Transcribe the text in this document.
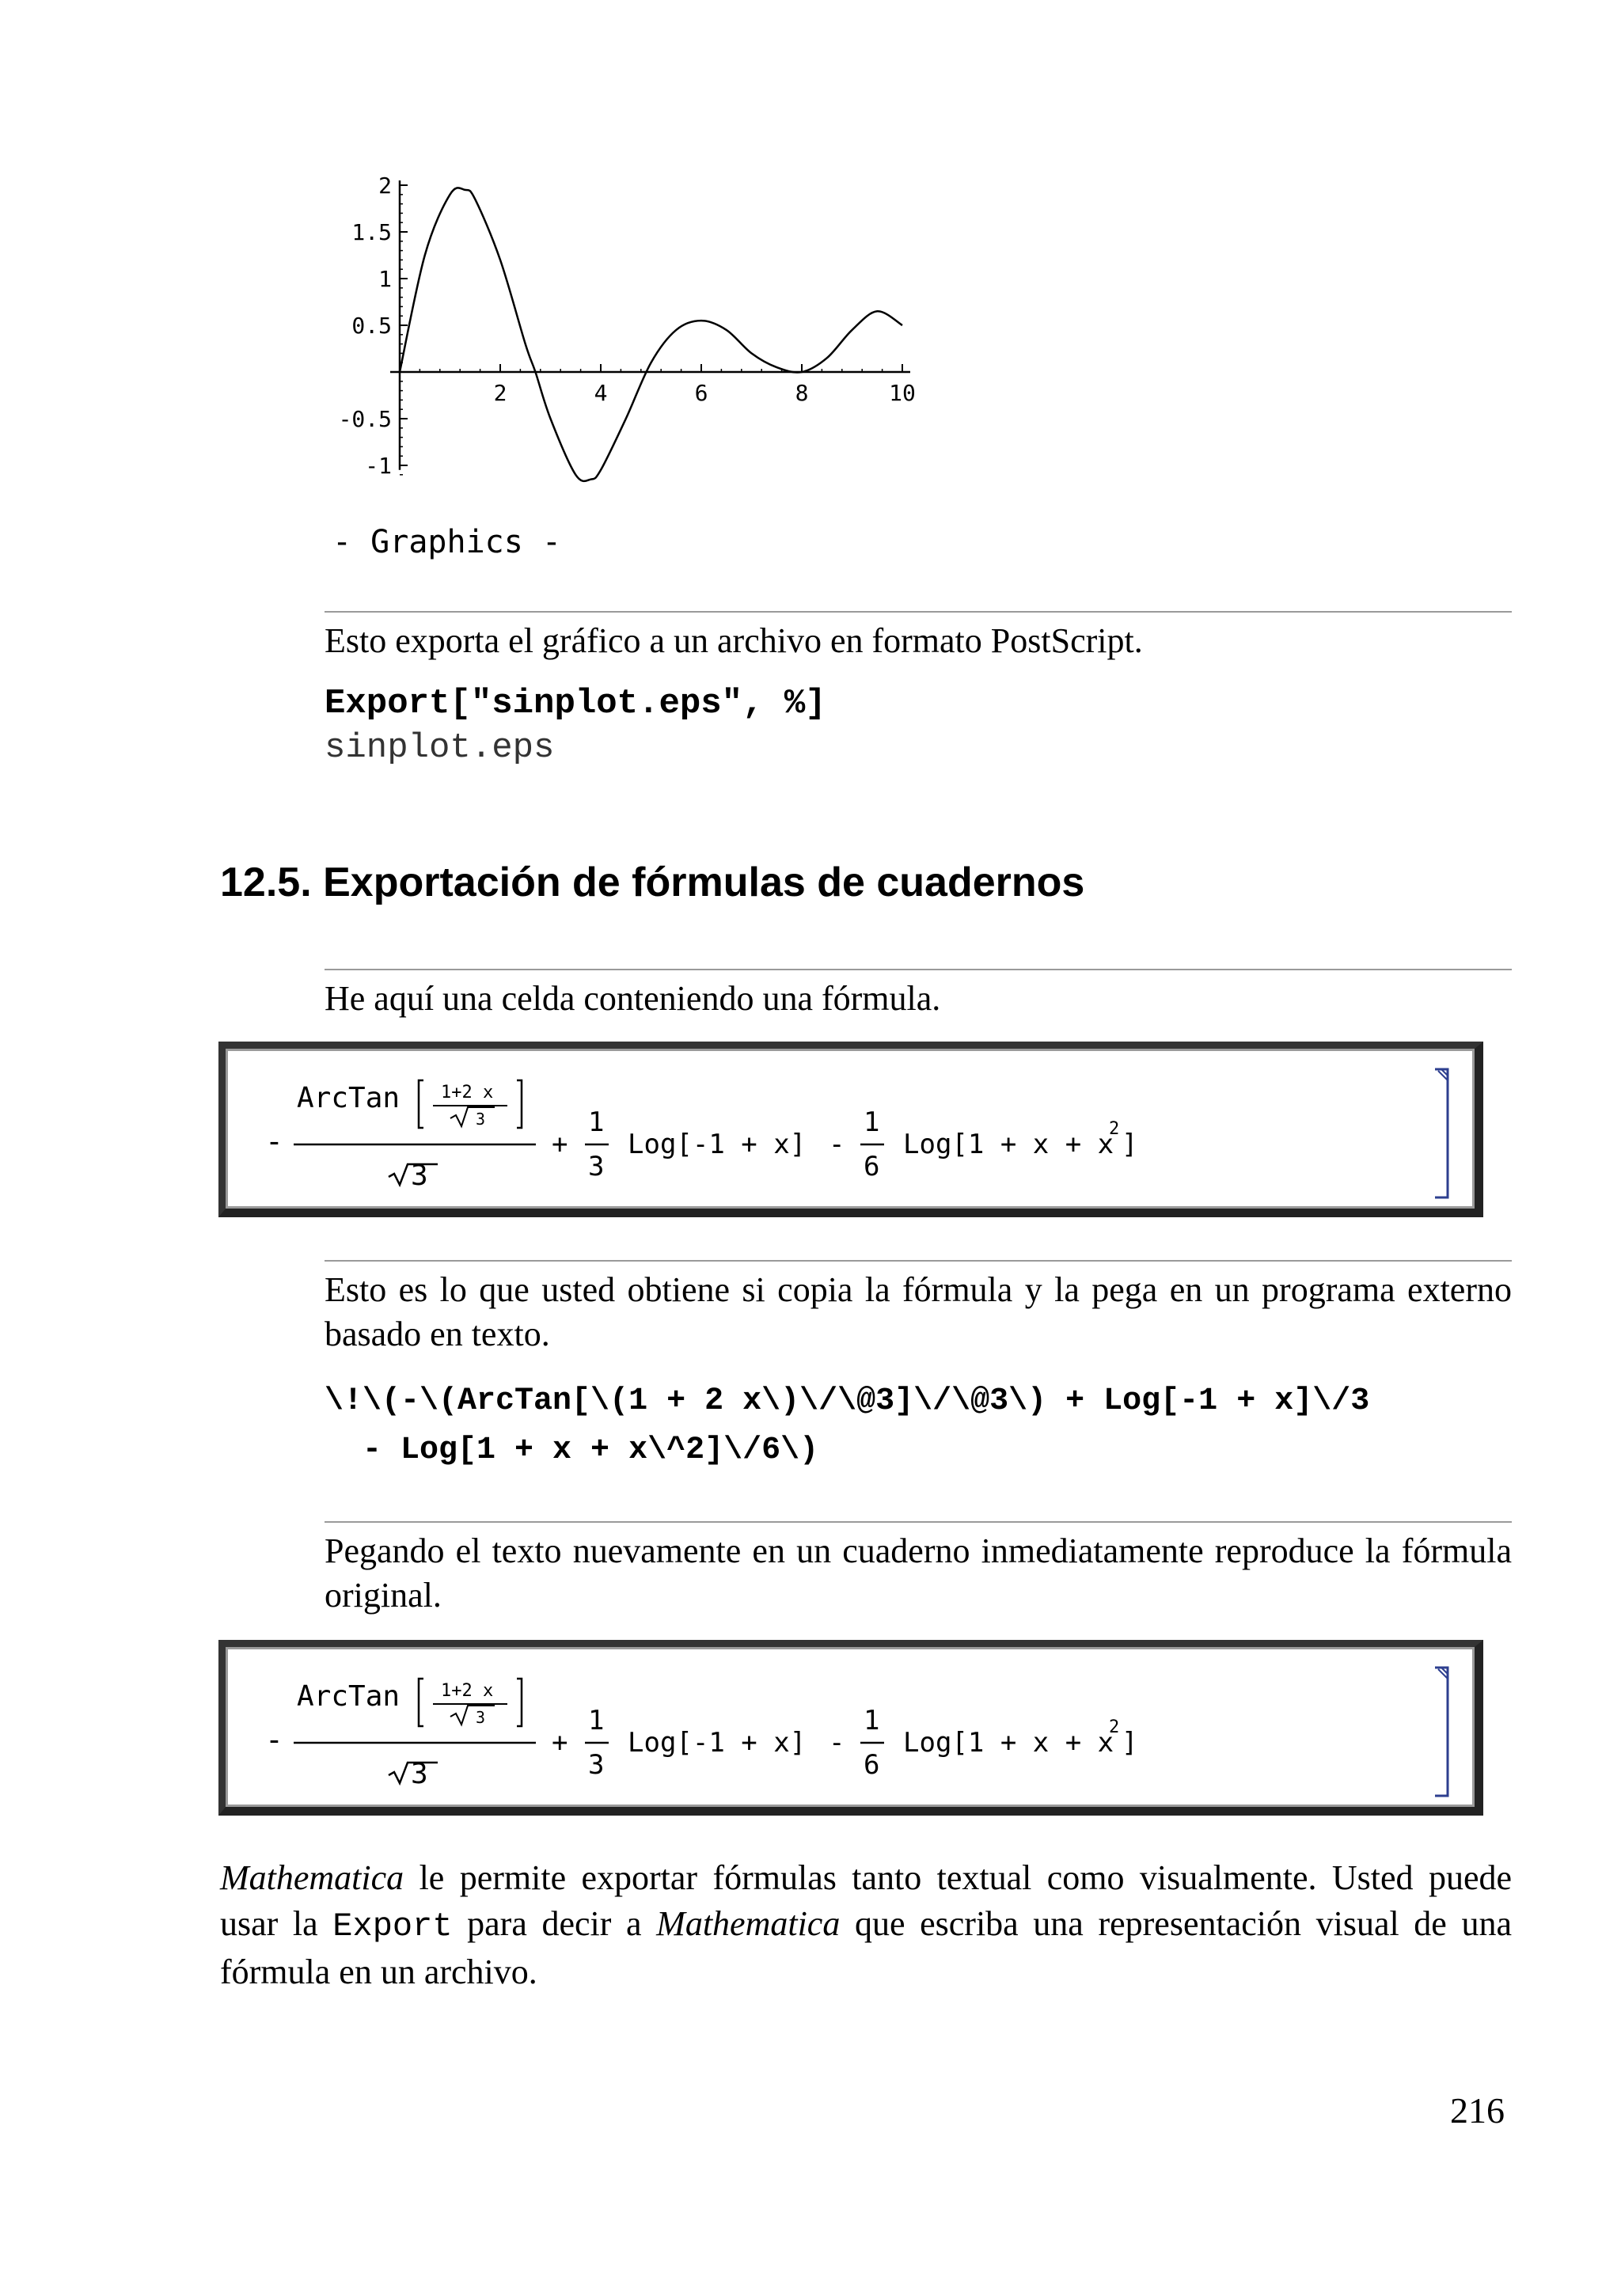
2	4	6	8	10
2
1.5
1
0.5
-0.5
-1
- Graphics -
Esto exporta el gráfico a un archivo en formato PostScript.
Export["sinplot.eps", %]
sinplot.eps
12.5. Exportación de fórmulas de cuadernos
He aquí una celda conteniendo una fórmula.
-
ArcTan 1+2 x
3
3
+
1
3
Log[-1 + x] -
1
6
Log[1 + x + x
2 ]
Esto es lo que usted obtiene si copia la fórmula y la pega en un programa externo basado en texto.
\!\(-\(ArcTan[\(1 + 2 x\)\/\@3]\/\@3\) + Log[-1 + x]\/3
- Log[1 + x + x\^2]\/6\)
Pegando el texto nuevamente en un cuaderno inmediatamente reproduce la fórmula original.
-
ArcTan 1+2 x
3
3
+
1
3
Log[-1 + x] -
1
6
Log[1 + x + x
2 ]
Mathematica le permite exportar fórmulas tanto textual como visualmente. Usted puede usar la Export para decir a Mathematica que escriba una representación visual de una fórmula en un archivo.
216
